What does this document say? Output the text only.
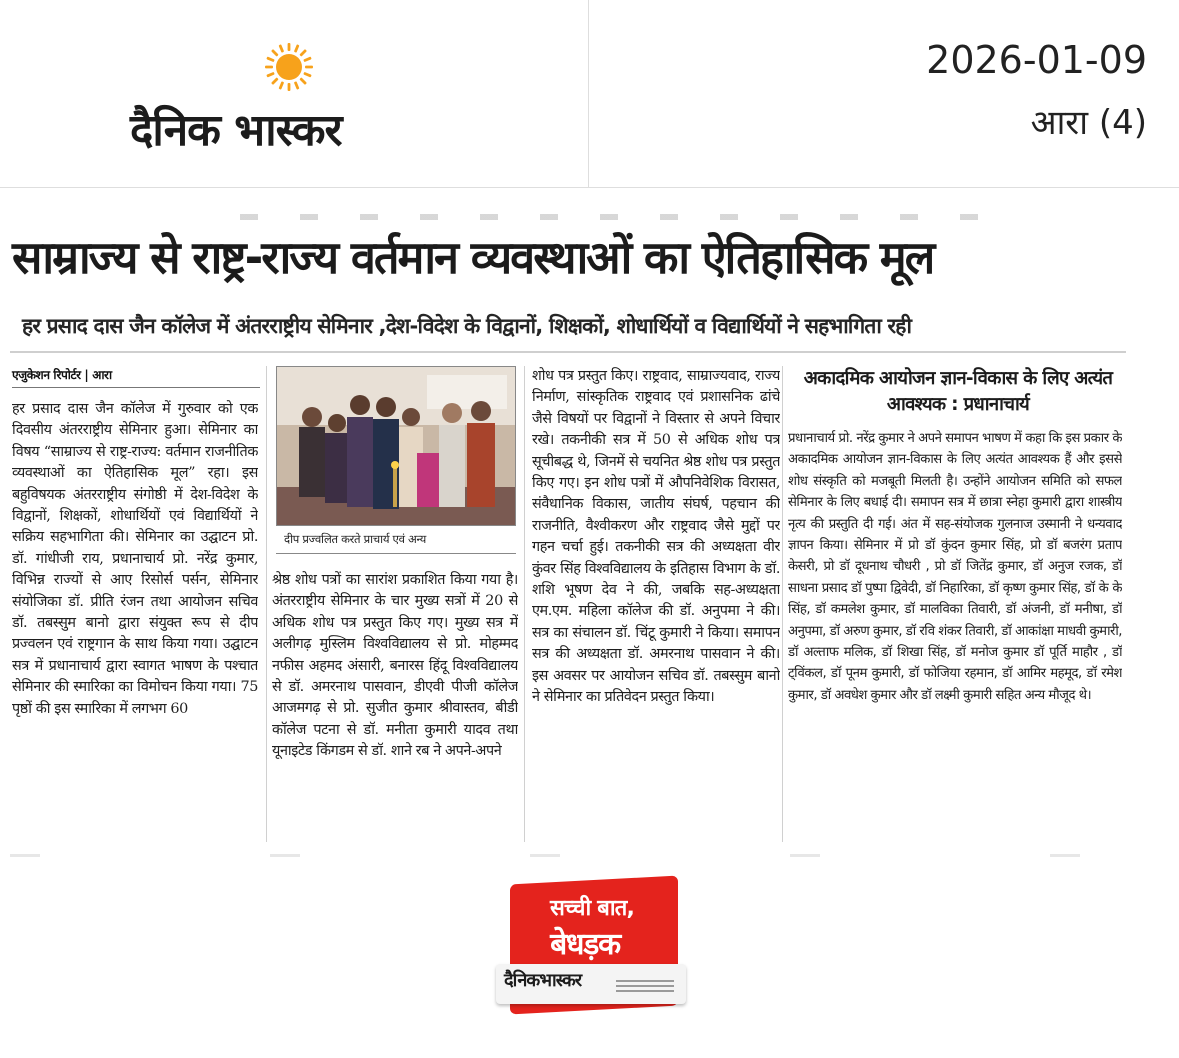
दैनिक भास्कर
2026-01-09
आरा (4)
साम्राज्य से राष्ट्र-राज्य वर्तमान व्यवस्थाओं का ऐतिहासिक मूल
हर प्रसाद दास जैन कॉलेज में अंतरराष्ट्रीय सेमिनार ,देश-विदेश के विद्वानों, शिक्षकों, शोधार्थियों व विद्यार्थियों ने सहभागिता रही
एजुकेशन रिपोर्टर | आरा
हर प्रसाद दास जैन कॉलेज में गुरुवार को एक दिवसीय अंतरराष्ट्रीय सेमिनार हुआ। सेमिनार का विषय “साम्राज्य से राष्ट्र-राज्य: वर्तमान राजनीतिक व्यवस्थाओं का ऐतिहासिक मूल” रहा। इस बहुविषयक अंतरराष्ट्रीय संगोष्ठी में देश-विदेश के विद्वानों, शिक्षकों, शोधार्थियों एवं विद्यार्थियों ने सक्रिय सहभागिता की। सेमिनार का उद्घाटन प्रो. डॉ. गांधीजी राय, प्रधानाचार्य प्रो. नरेंद्र कुमार, विभिन्न राज्यों से आए रिसोर्स पर्सन, सेमिनार संयोजिका डॉ. प्रीति रंजन तथा आयोजन सचिव डॉ. तबस्सुम बानो द्वारा संयुक्त रूप से दीप प्रज्वलन एवं राष्ट्रगान के साथ किया गया। उद्घाटन सत्र में प्रधानाचार्य द्वारा स्वागत भाषण के पश्चात सेमिनार की स्मारिका का विमोचन किया गया। 75 पृष्ठों की इस स्मारिका में लगभग 60
दीप प्रज्वलित करते प्राचार्य एवं अन्य
श्रेष्ठ शोध पत्रों का सारांश प्रकाशित किया गया है। अंतरराष्ट्रीय सेमिनार के चार मुख्य सत्रों में 20 से अधिक शोध पत्र प्रस्तुत किए गए। मुख्य सत्र में अलीगढ़ मुस्लिम विश्वविद्यालय से प्रो. मोहम्मद नफीस अहमद अंसारी, बनारस हिंदू विश्वविद्यालय से डॉ. अमरनाथ पासवान, डीएवी पीजी कॉलेज आजमगढ़ से प्रो. सुजीत कुमार श्रीवास्तव, बीडी कॉलेज पटना से डॉ. मनीता कुमारी यादव तथा यूनाइटेड किंगडम से डॉ. शाने रब ने अपने-अपने
शोध पत्र प्रस्तुत किए। राष्ट्रवाद, साम्राज्यवाद, राज्य निर्माण, सांस्कृतिक राष्ट्रवाद एवं प्रशासनिक ढांचे जैसे विषयों पर विद्वानों ने विस्तार से अपने विचार रखे। तकनीकी सत्र में 50 से अधिक शोध पत्र सूचीबद्ध थे, जिनमें से चयनित श्रेष्ठ शोध पत्र प्रस्तुत किए गए। इन शोध पत्रों में औपनिवेशिक विरासत, संवैधानिक विकास, जातीय संघर्ष, पहचान की राजनीति, वैश्वीकरण और राष्ट्रवाद जैसे मुद्दों पर गहन चर्चा हुई। तकनीकी सत्र की अध्यक्षता वीर कुंवर सिंह विश्वविद्यालय के इतिहास विभाग के डॉ. शशि भूषण देव ने की, जबकि सह-अध्यक्षता एम.एम. महिला कॉलेज की डॉ. अनुपमा ने की। सत्र का संचालन डॉ. चिंटू कुमारी ने किया। समापन सत्र की अध्यक्षता डॉ. अमरनाथ पासवान ने की। इस अवसर पर आयोजन सचिव डॉ. तबस्सुम बानो ने सेमिनार का प्रतिवेदन प्रस्तुत किया।
अकादमिक आयोजन ज्ञान-विकास के लिए अत्यंत आवश्यक : प्रधानाचार्य
प्रधानाचार्य प्रो. नरेंद्र कुमार ने अपने समापन भाषण में कहा कि इस प्रकार के अकादमिक आयोजन ज्ञान-विकास के लिए अत्यंत आवश्यक हैं और इससे शोध संस्कृति को मजबूती मिलती है। उन्होंने आयोजन समिति को सफल सेमिनार के लिए बधाई दी। समापन सत्र में छात्रा स्नेहा कुमारी द्वारा शास्त्रीय नृत्य की प्रस्तुति दी गई। अंत में सह-संयोजक गुलनाज उस्मानी ने धन्यवाद ज्ञापन किया। सेमिनार में प्रो डॉ कुंदन कुमार सिंह, प्रो डॉ बजरंग प्रताप केसरी, प्रो डॉ दूधनाथ चौधरी , प्रो डॉ जितेंद्र कुमार, डॉ अनुज रजक, डॉ साधना प्रसाद डॉ पुष्पा द्विवेदी, डॉ निहारिका, डॉ कृष्ण कुमार सिंह, डॉ के के सिंह, डॉ कमलेश कुमार, डॉ मालविका तिवारी, डॉ अंजनी, डॉ मनीषा, डॉ अनुपमा, डॉ अरुण कुमार, डॉ रवि शंकर तिवारी, डॉ आकांक्षा माधवी कुमारी, डॉ अल्ताफ मलिक, डॉ शिखा सिंह, डॉ मनोज कुमार डॉ पूर्ति माहौर , डॉ ट्विंकल, डॉ पूनम कुमारी, डॉ फोजिया रहमान, डॉ आमिर महमूद, डॉ रमेश कुमार, डॉ अवधेश कुमार और डॉ लक्ष्मी कुमारी सहित अन्य मौजूद थे।
सच्ची बात,
बेधड़क
दैनिकभास्कर
